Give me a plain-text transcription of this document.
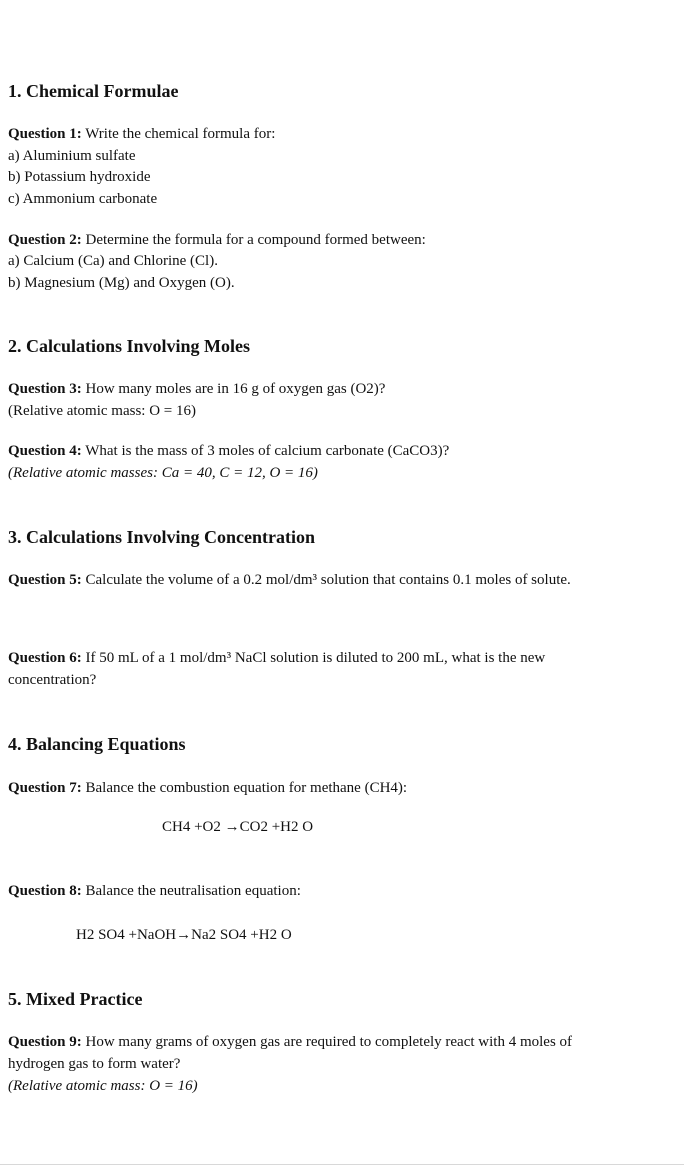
1. Chemical Formulae
Question 1: Write the chemical formula for:
a) Aluminium sulfate
b) Potassium hydroxide
c) Ammonium carbonate
Question 2: Determine the formula for a compound formed between:
a) Calcium (Ca) and Chlorine (Cl).
b) Magnesium (Mg) and Oxygen (O).
2. Calculations Involving Moles
Question 3: How many moles are in 16 g of oxygen gas (O2)?
(Relative atomic mass: O = 16)
Question 4: What is the mass of 3 moles of calcium carbonate (CaCO3)?
(Relative atomic masses: Ca = 40, C = 12, O = 16)
3. Calculations Involving Concentration
Question 5: Calculate the volume of a 0.2 mol/dm³ solution that contains 0.1 moles of solute.
Question 6: If 50 mL of a 1 mol/dm³ NaCl solution is diluted to 200 mL, what is the new
concentration?
4. Balancing Equations
Question 7: Balance the combustion equation for methane (CH4):
CH4 +O2 →CO2 +H2 O
Question 8: Balance the neutralisation equation:
H2 SO4 +NaOH→Na2 SO4 +H2 O
5. Mixed Practice
Question 9: How many grams of oxygen gas are required to completely react with 4 moles of
hydrogen gas to form water?
(Relative atomic mass: O = 16)
